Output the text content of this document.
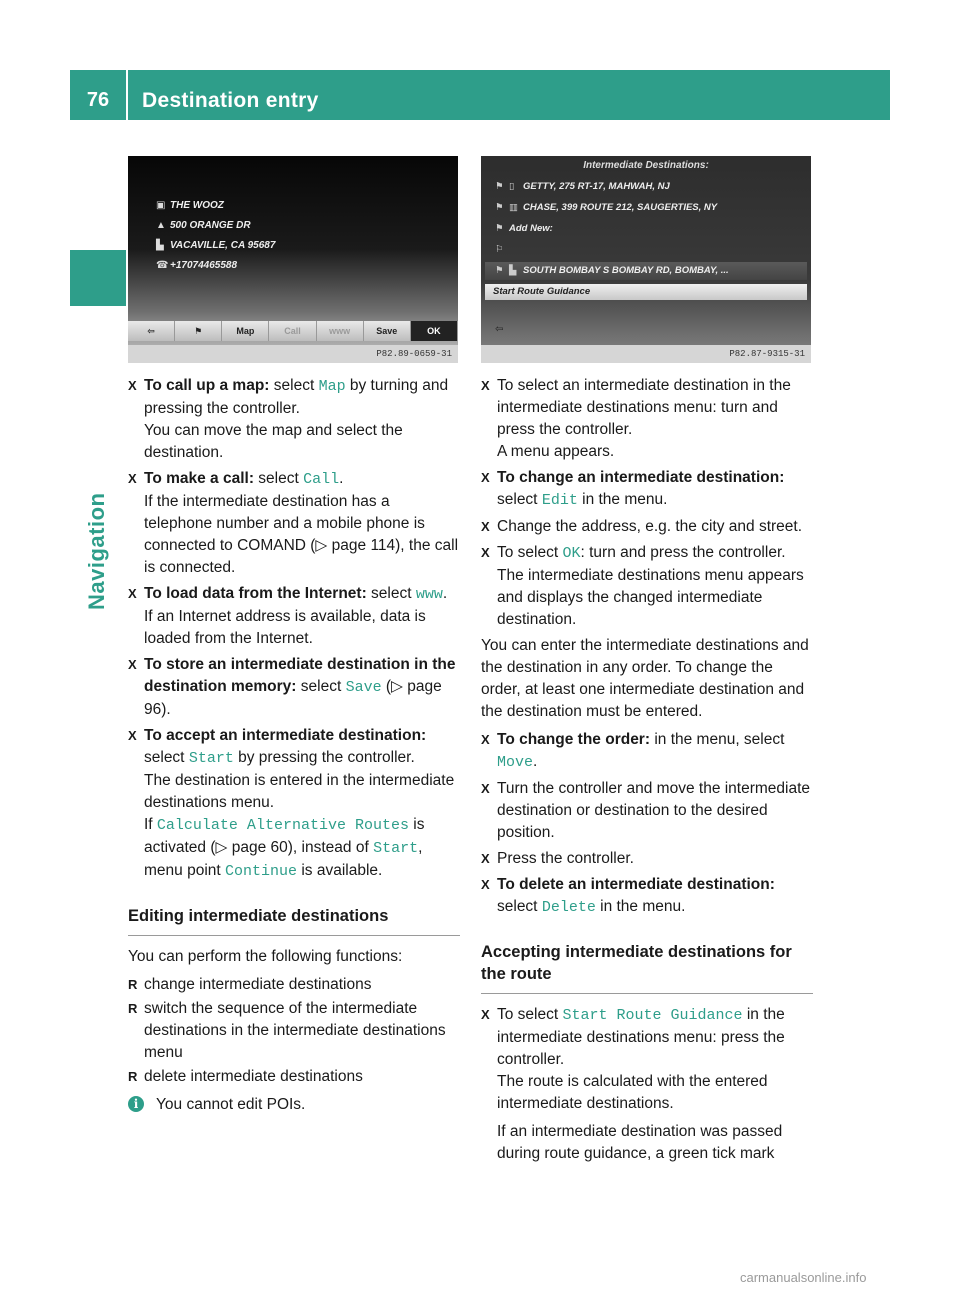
76	Destination entry
Navigation
▣ THE WOOZ
▲ 500 ORANGE DR
▙ VACAVILLE, CA 95687
☎ +17074465588
⇦	⚑	Map	Call	www	Save	OK
P82.89-0659-31
Intermediate Destinations:
⚑ ▯ GETTY, 275 RT-17, MAHWAH, NJ
⚑ ▥ CHASE, 399 ROUTE 212, SAUGERTIES, NY
⚑ Add New:
⚐
⚑ ▙ SOUTH BOMBAY S BOMBAY RD, BOMBAY, ...
Start Route Guidance
⇦
P82.87-9315-31
X To call up a map: select Map by turning and pressing the controller.

You can move the map and select the destination.

X To make a call: select Call.

If the intermediate destination has a telephone number and a mobile phone is connected to COMAND (▷ page 114), the call is connected.

X To load data from the Internet: select www.

If an Internet address is available, data is loaded from the Internet.

X To store an intermediate destination in the destination memory: select Save (▷ page 96).

X To accept an intermediate destination: select Start by pressing the controller.

The destination is entered in the intermediate destinations menu.

If Calculate Alternative Routes is activated (▷ page 60), instead of Start, menu point Continue is available.

Editing intermediate destinations

You can perform the following functions:

R change intermediate destinations
R switch the sequence of the intermediate destinations in the intermediate destinations menu
R delete intermediate destinations
i	You cannot edit POIs.
X To select an intermediate destination in the intermediate destinations menu: turn and press the controller.

A menu appears.

X To change an intermediate destination: select Edit in the menu.

X Change the address, e.g. the city and street.

X To select OK: turn and press the controller.

The intermediate destinations menu appears and displays the changed intermediate destination.

You can enter the intermediate destinations and the destination in any order. To change the order, at least one intermediate destination and the destination must be entered.

X To change the order: in the menu, select Move.

X Turn the controller and move the intermediate destination or destination to the desired position.

X Press the controller.

X To delete an intermediate destination: select Delete in the menu.

Accepting intermediate destinations for the route
X To select Start Route Guidance in the intermediate destinations menu: press the controller.

The route is calculated with the entered intermediate destinations.

If an intermediate destination was passed during route guidance, a green tick mark

carmanualsonline.info
